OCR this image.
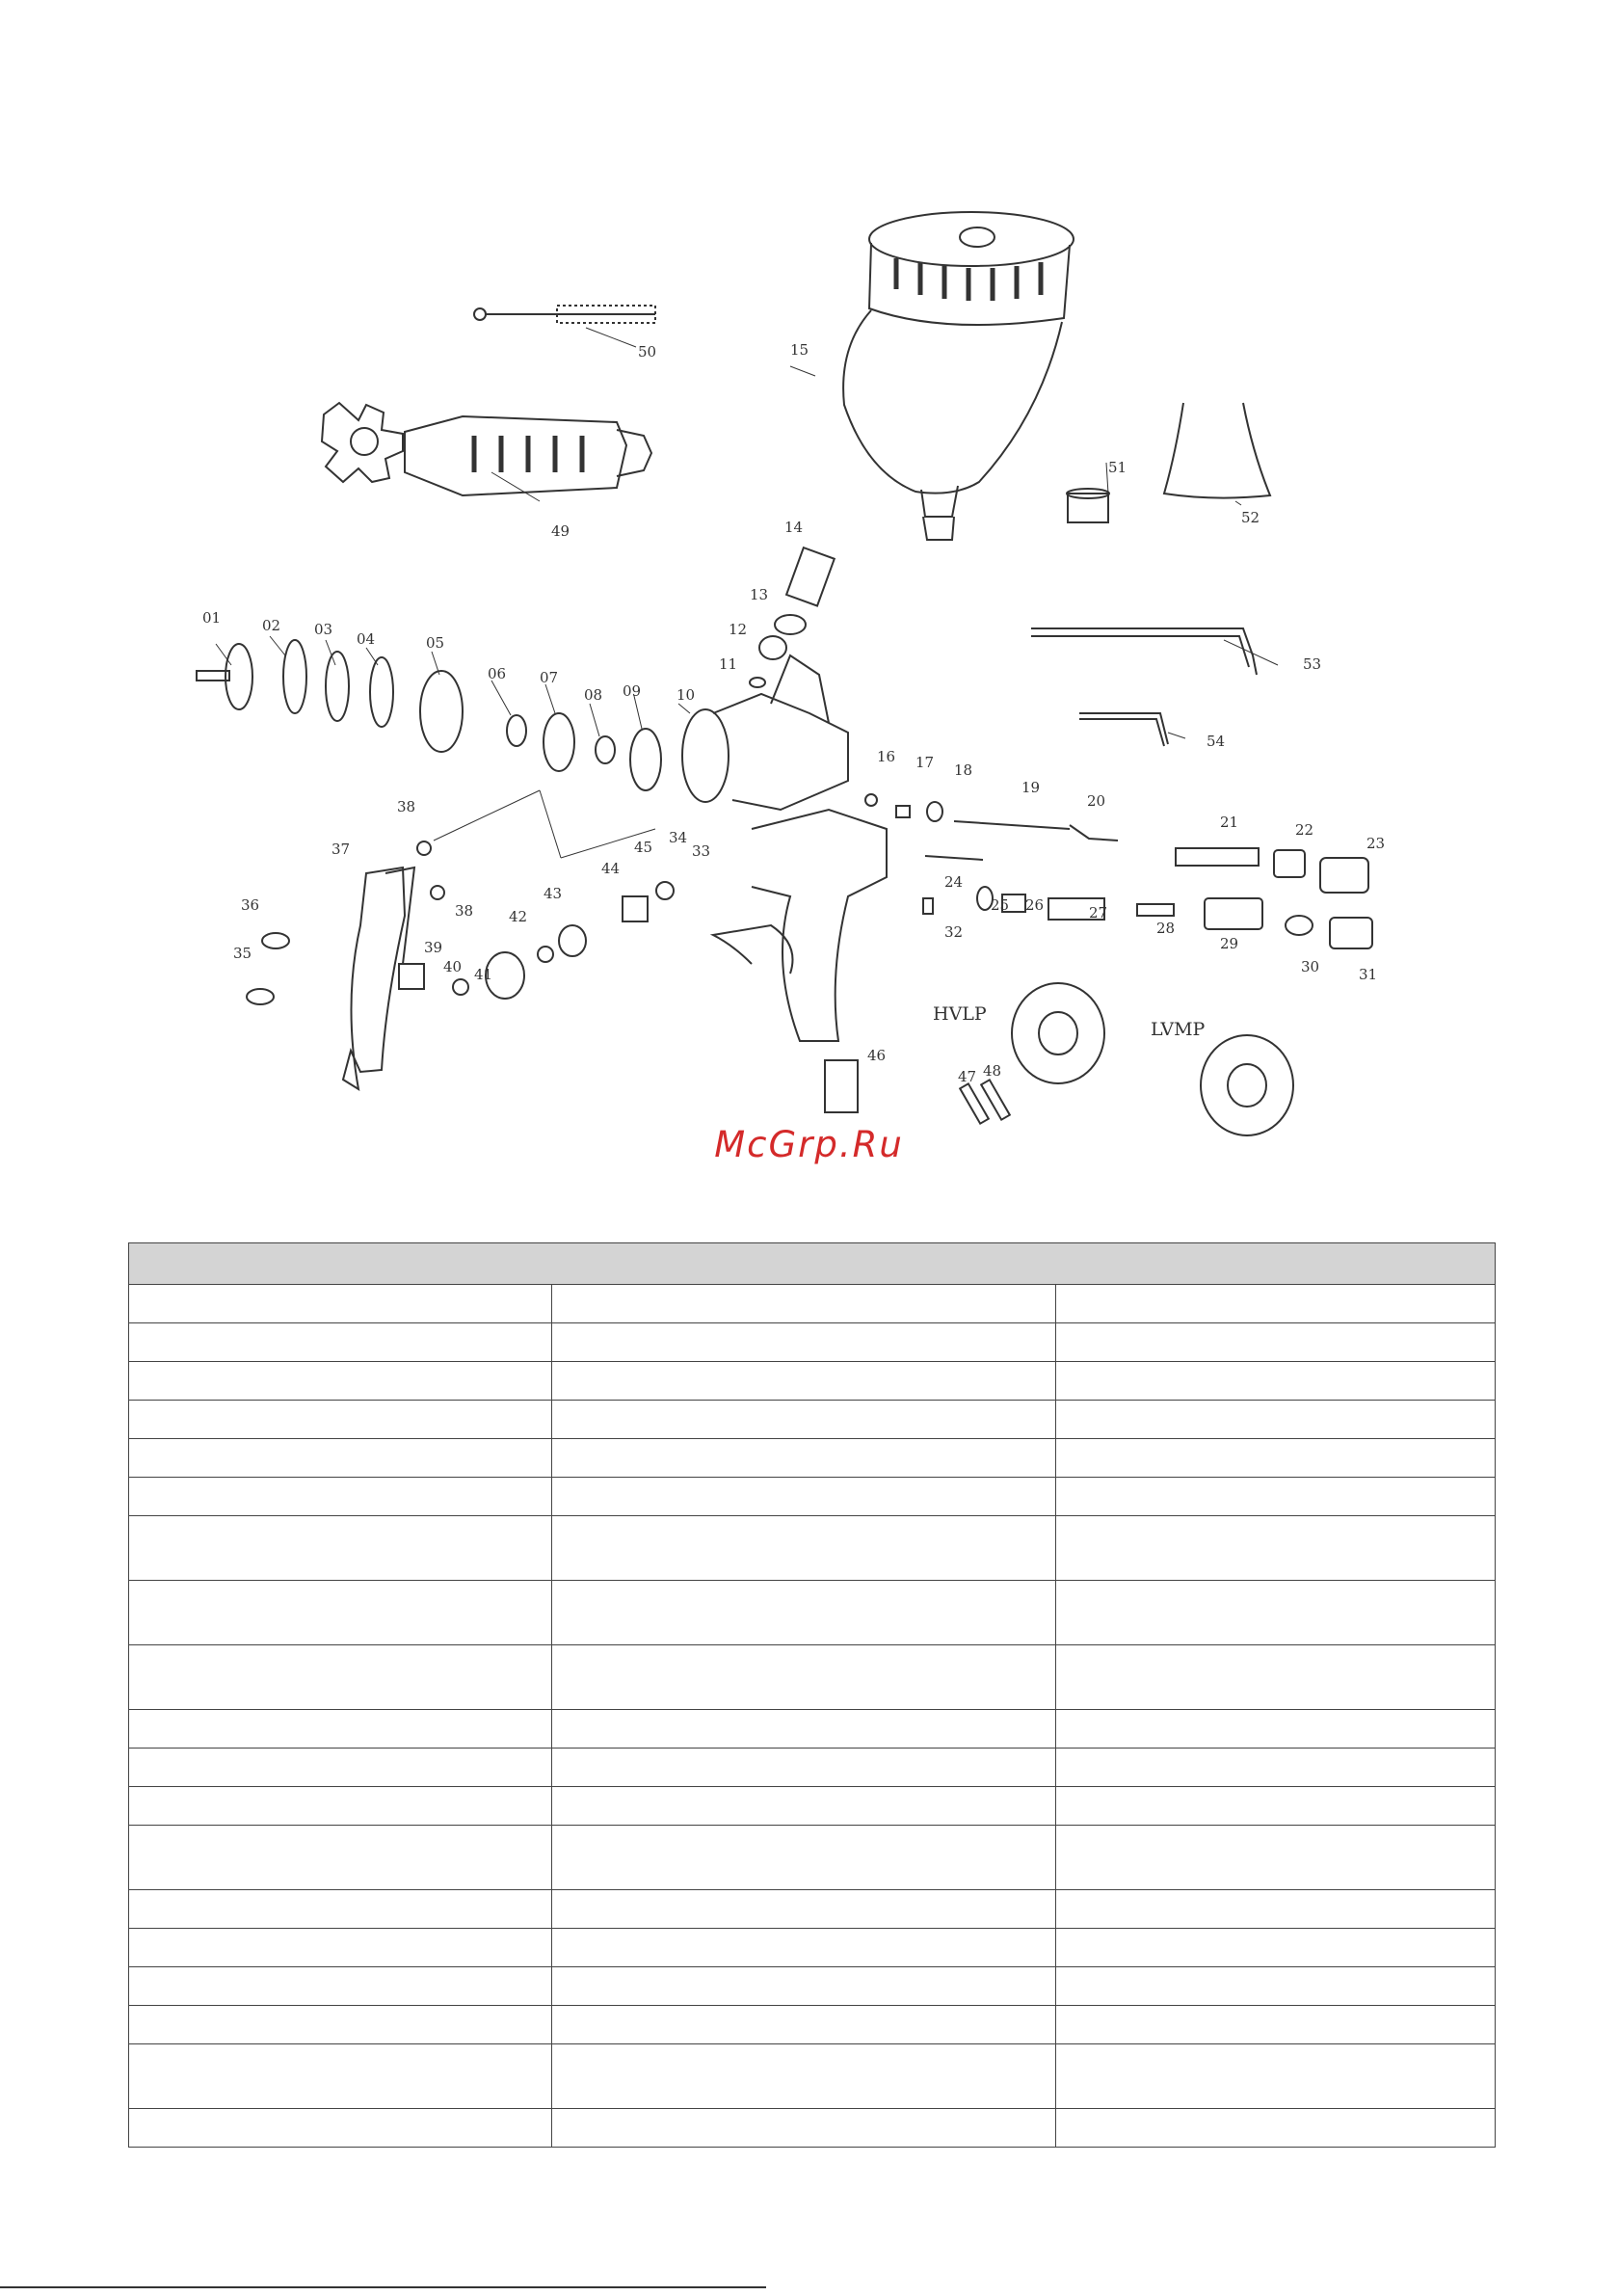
01	02 03
04	05
06 07
08 09 10
11
12
13
14
15
16 17 18
19
20
21	22
23
24
25 26	27
28
29
30	31
32
33
34
35
36
37
38
38
39
40 41
42
43
44
45
46
47 48
49
50
51
52
53
54
HVLP
LVMP
McGrp.Ru
